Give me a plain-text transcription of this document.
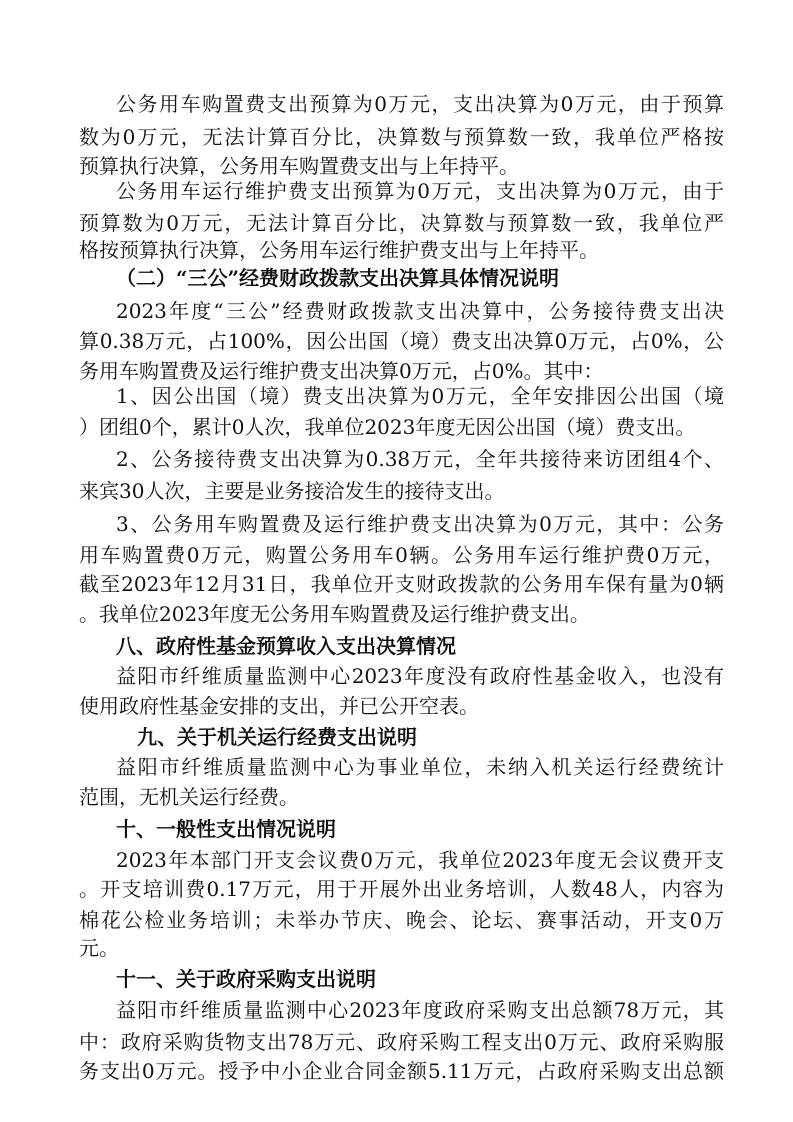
公务用车购置费支出预算为0万元，支出决算为0万元，由于预算
数为0万元，无法计算百分比，决算数与预算数一致，我单位严格按
预算执行决算，公务用车购置费支出与上年持平。
公务用车运行维护费支出预算为0万元，支出决算为0万元，由于
预算数为0万元，无法计算百分比，决算数与预算数一致，我单位严
格按预算执行决算，公务用车运行维护费支出与上年持平。
（二）“三公”经费财政拨款支出决算具体情况说明
2023年度“三公”经费财政拨款支出决算中，公务接待费支出决
算0.38万元，占100%，因公出国（境）费支出决算0万元，占0%，公
务用车购置费及运行维护费支出决算0万元，占0%。其中：
1、因公出国（境）费支出决算为0万元，全年安排因公出国（境
）团组0个，累计0人次，我单位2023年度无因公出国（境）费支出。
2、公务接待费支出决算为0.38万元，全年共接待来访团组4个、
来宾30人次，主要是业务接洽发生的接待支出。
3、公务用车购置费及运行维护费支出决算为0万元，其中：公务
用车购置费0万元，购置公务用车0辆。公务用车运行维护费0万元，
截至2023年12月31日，我单位开支财政拨款的公务用车保有量为0辆
。我单位2023年度无公务用车购置费及运行维护费支出。
八、政府性基金预算收入支出决算情况
益阳市纤维质量监测中心2023年度没有政府性基金收入，也没有
使用政府性基金安排的支出，并已公开空表。
九、关于机关运行经费支出说明
益阳市纤维质量监测中心为事业单位，未纳入机关运行经费统计
范围，无机关运行经费。
十、一般性支出情况说明
2023年本部门开支会议费0万元，我单位2023年度无会议费开支
。开支培训费0.17万元，用于开展外出业务培训，人数48人，内容为
棉花公检业务培训；未举办节庆、晚会、论坛、赛事活动，开支0万
元。
十一、关于政府采购支出说明
益阳市纤维质量监测中心2023年度政府采购支出总额78万元，其
中：政府采购货物支出78万元、政府采购工程支出0万元、政府采购服
务支出0万元。授予中小企业合同金额5.11万元，占政府采购支出总额
